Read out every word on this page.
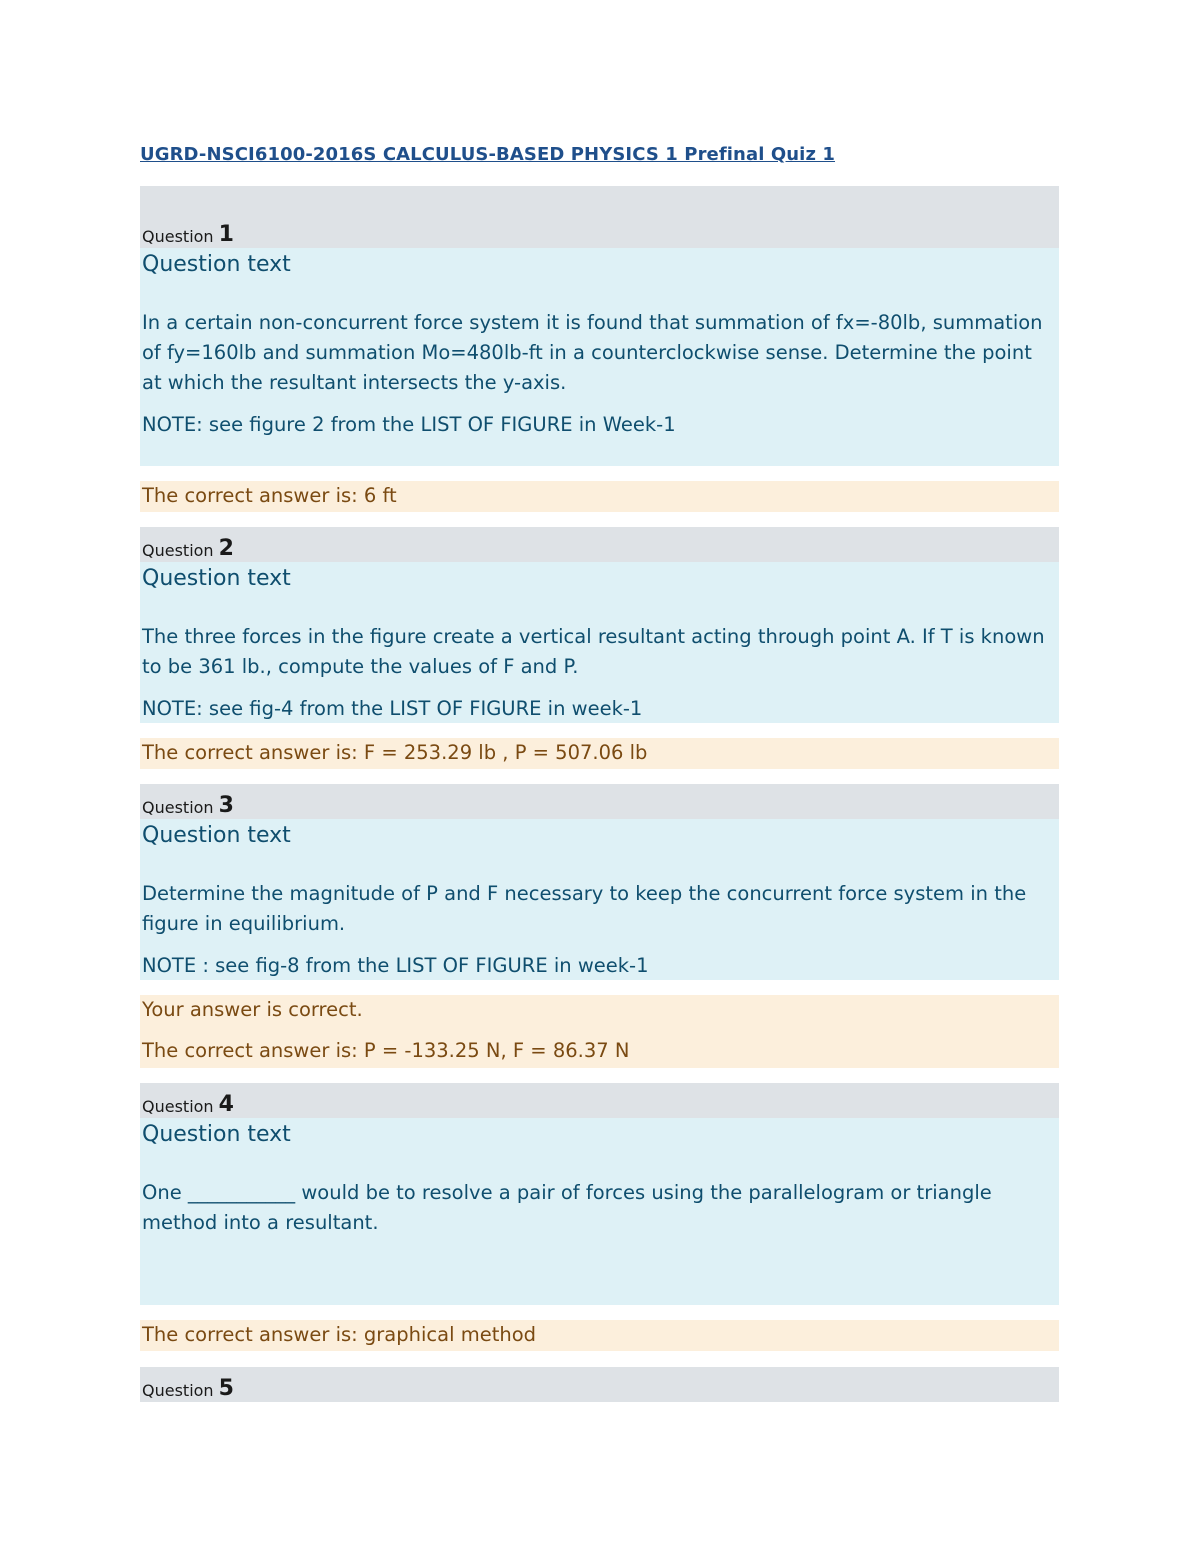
UGRD-NSCI6100-2016S CALCULUS-BASED PHYSICS 1 Prefinal Quiz 1

Question 1

Question text

In a certain non-concurrent force system it is found that summation of fx=-80lb, summation of fy=160lb and summation Mo=480lb-ft in a counterclockwise sense. Determine the point at which the resultant intersects the y-axis.

NOTE: see figure 2 from the LIST OF FIGURE in Week-1

The correct answer is: 6 ft

Question 2

Question text

The three forces in the figure create a vertical resultant acting through point A. If T is known to be 361 lb., compute the values of F and P.

NOTE: see fig-4 from the LIST OF FIGURE in week-1

The correct answer is: F = 253.29 lb , P = 507.06 lb

Question 3

Question text

Determine the magnitude of P and F necessary to keep the concurrent force system in the figure in equilibrium.

NOTE : see fig-8 from the LIST OF FIGURE in week-1

Your answer is correct.

The correct answer is: P = -133.25 N, F = 86.37 N

Question 4

Question text

One ___________ would be to resolve a pair of forces using the parallelogram or triangle method into a resultant.

The correct answer is: graphical method

Question 5
